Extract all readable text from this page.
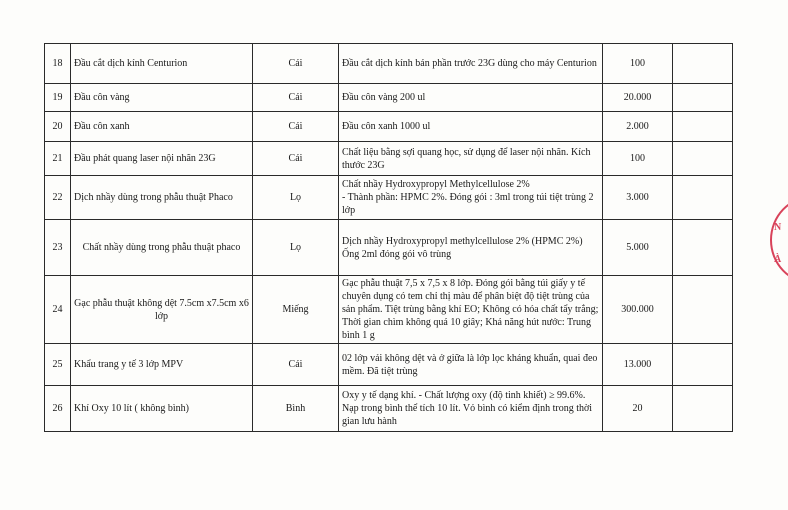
18	Đầu cắt dịch kính Centurion	Cái	Đầu cắt dịch kính bán phần trước 23G dùng cho máy Centurion	100	
19	Đầu côn vàng	Cái	Đầu côn vàng 200 ul	20.000	
20	Đầu côn xanh	Cái	Đầu côn xanh 1000 ul	2.000	
21	Đầu phát quang laser nội nhãn 23G	Cái	Chất liệu bằng sợi quang học, sử dụng để laser nội nhãn. Kích thước 23G	100	
22	Dịch nhầy dùng trong phẫu thuật Phaco	Lọ	Chất nhầy Hydroxypropyl Methylcellulose 2%
- Thành phần: HPMC 2%. Đóng gói : 3ml trong túi tiệt trùng 2 lớp	3.000	
23	Chất nhầy dùng trong phẫu thuật phaco	Lọ	Dịch nhầy Hydroxypropyl methylcellulose 2% (HPMC 2%)
Ống 2ml đóng gói vô trùng	5.000	
24	Gạc phẫu thuật không dệt 7.5cm x7.5cm x6 lớp	Miếng	Gạc phẫu thuật 7,5 x 7,5 x 8 lớp. Đóng gói bằng túi giấy y tế chuyên dụng có tem chỉ thị màu để phân biệt độ tiệt trùng của sản phẩm. Tiệt trùng bằng khí EO; Không có hóa chất tẩy trắng; Thời gian chìm không quá 10 giây; Khả năng hút nước: Trung bình 1 g	300.000	
25	Khẩu trang y tế 3 lớp MPV	Cái	02 lớp vải không dệt và ở giữa là lớp lọc kháng khuẩn, quai đeo mềm. Đã tiệt trùng	13.000	
26	Khí Oxy 10 lít ( không bình)	Bình	Oxy y tế dạng khí. - Chất lượng oxy (độ tinh khiết) ≥ 99.6%. Nạp trong bình thể tích 10 lít. Vỏ bình có kiểm định trong thời gian lưu hành	20	
N
À
